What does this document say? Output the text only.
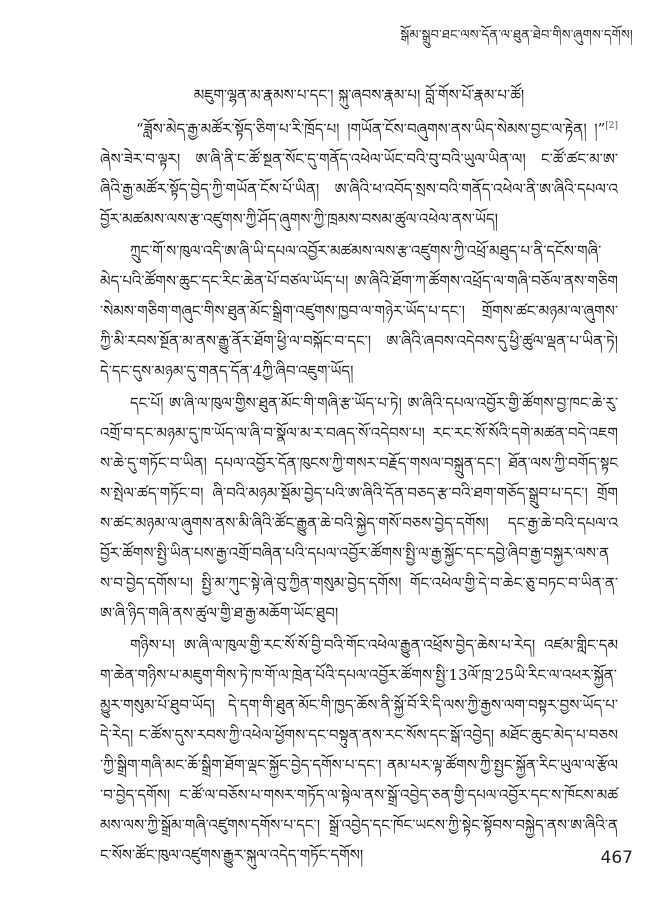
སྒོམ་སྒྲུབ་ཐང་ལས་དོན་ལ་ཐུན་ཐེབ་གིས་ཞུགས་དགོས།

མཇུག་ལྷན་མ་རྣམས་པ་དང་། སྐུ་ཞབས་རྣམ་པ། བློ་གོས་པོ་རྣམ་པ་ཚོ།

“ཟློས་མེད་རྒྱ་མཚོར་སྟོད་ཅིག་པ་རི་ཁྲོད་པ། །གཡོན་ངོས་བཞུགས་ནས་ཡིད་སེམས་བྱང་ལ་རྟེན། །”[2] ཞེས་ཟེར་བ་ལྟར། ཨ་ཞི་ནི་ང་ཚོ་སྔན་སོང་དུ་གནོད་འཕེལ་ཡོང་བའི་བུ་བའི་ཡུལ་ཡིན་ལ། ང་ཚོ་ཚང་མ་ཨ་ཞིའི་རྒྱ་མཚོར་སྟོད་བྱེད་ཀྱི་གཡོན་ངོས་པོ་ཡིན། ཨ་ཞིའི་ཕ་འབོད་སྲས་བའི་གནོད་འཕེལ་ནི་ཨ་ཞིའི་དཔལ་འབྱོར་མཚམས་ལས་རྩ་འཛུགས་ཀྱི་ཤོད་ཞུགས་ཀྱི་ཁྲམས་བསམ་ཚུལ་འཕེལ་ནས་ཡོད།

ཀྲུང་གོ་ས་ཁུལ་འདི་ཨ་ཞི་ཡི་དཔལ་འབྱོར་མཚམས་ལས་རྩ་འཛུགས་ཀྱི་འཕྲོ་མཐུད་པ་ནི་དངོས་གཞི་མེད་པའི་ཚོགས་ཆུང་དང་རིང་ཆེན་པོ་བཙལ་ཡོད་པ། ཨ་ཞིའི་ཐོག་ཀ་ཚོགས་འཕྲོད་ལ་གཞི་བཅོལ་ནས་གཅིག་སེམས་གཅིག་གཞུང་གིས་ཐུན་མོང་སྒྲིག་འཛུགས་ཁྱབ་ལ་གཉེར་ཡོད་པ་དང་། གྲོགས་ཚང་མཉམ་ལ་ཞུགས་ཀྱི་མི་རབས་སྔོན་མ་ནས་རྒྱུ་ནོར་ཐོག་ཕྱི་ལ་བསྐོང་བ་དང་། ཨ་ཞིའི་ཞབས་འདེབས་དུ་ཕྱི་ཚུལ་ལྡན་པ་ཡིན་ཏེ། དེ་དང་དུས་མཉམ་དུ་གནད་དོན་4ཀྱི་ཞིབ་འཇུག་ཡོད།

དང་པོ། ཨ་ཞི་ལ་ཁུལ་གྱིས་ཐུན་མོང་གི་གཞི་རྩ་ཡོད་པ་ཏེ། ཨ་ཞིའི་དཔལ་འབྱོར་གྱི་ཚོགས་བྱ་ཁང་ཆེ་རུ་འགྲོ་བ་དང་མཉམ་དུ་ཁ་ཡོད་ལ་ཞི་བ་སྣོལ་མ་ར་བཞད་སོ་འདེབས་པ། རང་རང་སོ་སོའི་དགེ་མཚན་བདེ་འཇགས་ཆེ་དུ་གཏོང་བ་ཡིན། དཔལ་འབྱོར་དོན་ཁུངས་ཀྱི་གསར་བརྗོད་གསལ་བསྐྲུན་དང་། ཐོན་ལས་ཀྱི་བགོད་སྟངས་སྤེལ་ཚད་གཏོང་བ། ཞི་བའི་མཉམ་སྡོམ་བྱེད་པའི་ཨ་ཞིའི་དོན་བཅད་རྩ་བའི་ཐག་གཅོད་སྒྲུབ་པ་དང་། གྲོགས་ཚང་མཉམ་ལ་ཞུགས་ནས་མི་ཞིའི་ཚོང་རྒྱུན་ཆེ་བའི་སྐྱེད་གསོ་བཅས་བྱེད་དགོས། དང་རྒྱ་ཆེ་བའི་དཔལ་འབྱོར་ཚོགས་སྤྱི་ཡིན་པས་རྒྱ་འགྲོ་བཞིན་པའི་དཔལ་འབྱོར་ཚོགས་སྤྱི་ལ་རྒྱ་སྐྱོང་དང་དབྱེ་ཞིབ་རྒྱ་བསྐྱར་ལས་ནས་བ་བྱེད་དགོས་པ། སྤྱི་མ་ཀུང་སྟེ་ཞེ་བུ་ཀྱིན་གསུམ་བྱེད་དགོས། གོང་འཕེལ་གྱི་དེ་བ་ཆེང་ཅུ་བཏང་བ་ཡིན་ན་ཨ་ཞི་ཉིད་གཞི་ནས་ཚུལ་གྱི་ཐ་རྒྱ་མཆོག་ཡོང་ཐུབ།

གཉིས་པ། ཨ་ཞི་ལ་ཁུལ་གྱི་རང་སོ་སོ་བྱི་བའི་གོང་འཕེལ་རྒྱུན་འཕྲོས་བྱེད་ཆེས་པ་རེད། འཛམ་གླིང་དམག་ཆེན་གཉིས་པ་མཇུག་གིས་ཏེ་ཁ་གོ་ལ་ཁྲེན་པོའི་དཔལ་འབྱོར་ཚོགས་སྤྱི་13ལོ་ཁྲ་25ཡི་རིང་ལ་འཕར་སྐྱོན་མྱུར་གསུམ་པོ་ཐུབ་ཡོད། དེ་དག་གི་ཐུན་མོང་གི་ཁྱད་ཆོས་ནི་སྐྱོ་བོ་རི་དི་ལས་ཀྱི་རྒྱས་ལག་བསྟར་བྱས་ཡོད་པ་དེ་རེད། ང་ཚོས་དུས་རབས་ཀྱི་འཕེལ་ཕྱོགས་དང་བསྟུན་ནས་རང་སོས་དང་སྒོ་འབྱེད། མཐོང་ཆུང་མེད་པ་བཅས་ཀྱི་སྒྲིག་གཞི་མང་ཆོ་སྒྲིག་ཐོག་ལྡང་སྐྱོང་བྱེད་དགོས་པ་དང་། ནམ་པར་ལྟ་ཚོགས་ཀྱི་སྤྱང་སྐྱོན་རིང་ཡུལ་ལ་རྩོལ་བ་བྱེད་དགོས། ང་ཚོ་ལ་བཅོས་པ་གསར་གཏོད་ལ་སྟེལ་ནས་སྒྲོ་འབྱེད་ཅན་གྱི་དཔལ་འབྱོར་དང་ས་ཁོངས་མཚམས་ལས་ཀྱི་སྒྲོམ་གཞི་འཛུགས་དགོས་པ་དང་། སྒྲོ་འབྱེད་དང་ཁོང་ཡངས་ཀྱི་སྟེང་སྟོབས་བསྐྱེད་ནས་ཨ་ཞིའི་ནང་སོས་ཚོང་ཁུལ་འཛུགས་རྒྱུར་སྐུལ་འདེད་གཏོང་དགོས།	467
